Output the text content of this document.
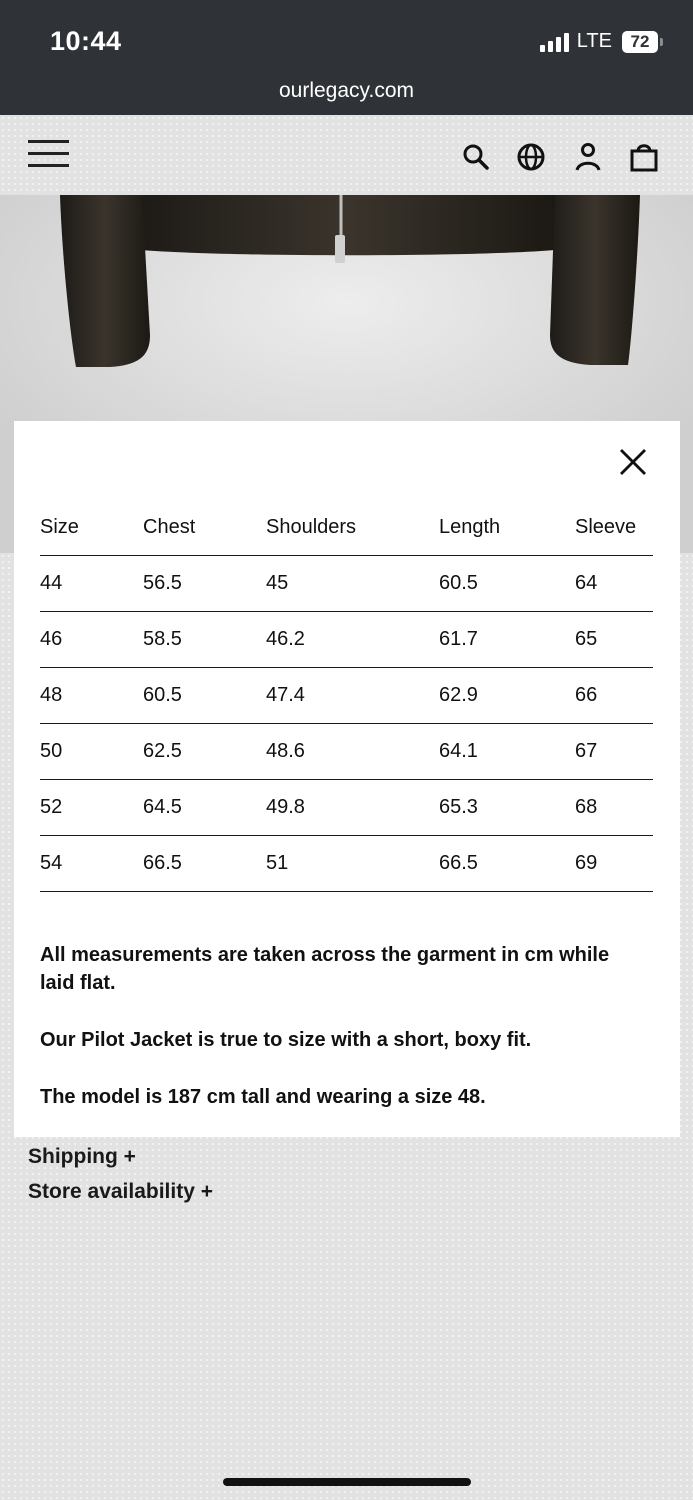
10:44	LTE	72
ourlegacy.com
Size	Chest	Shoulders	Length	Sleeve
44	56.5	45	60.5	64
46	58.5	46.2	61.7	65
48	60.5	47.4	62.9	66
50	62.5	48.6	64.1	67
52	64.5	49.8	65.3	68
54	66.5	51	66.5	69

All measurements are taken across the garment in cm while laid flat.

Our Pilot Jacket is true to size with a short, boxy fit.

The model is 187 cm tall and wearing a size 48.

Shipping +
Store availability +
